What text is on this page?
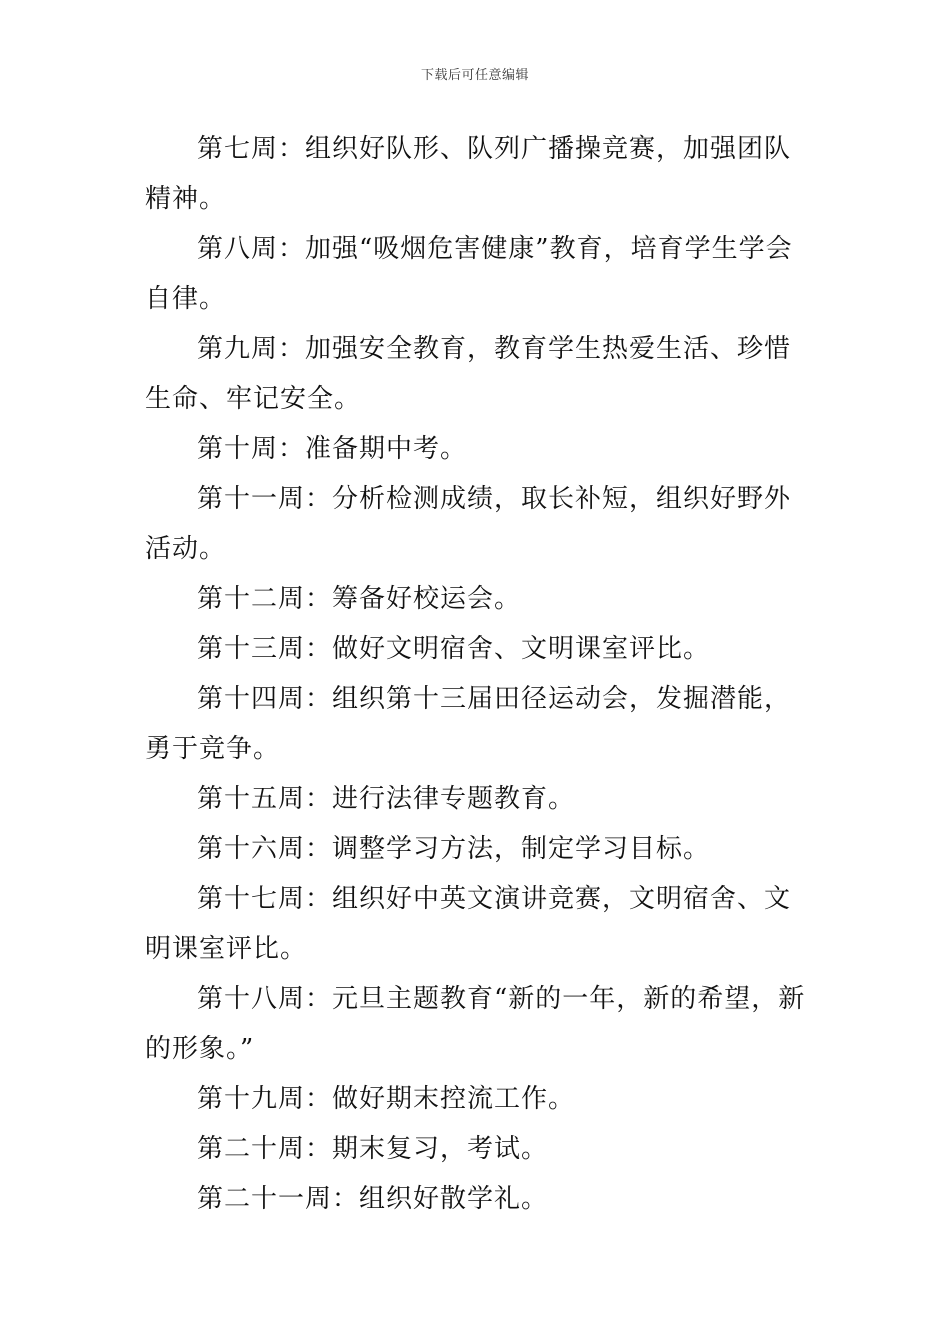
下载后可任意编辑

第七周：组织好队形、队列广播操竞赛，加强团队精神。

第八周：加强“吸烟危害健康”教育，培育学生学会自律。

第九周：加强安全教育，教育学生热爱生活、珍惜生命、牢记安全。

第十周：准备期中考。

第十一周：分析检测成绩，取长补短，组织好野外活动。

第十二周：筹备好校运会。

第十三周：做好文明宿舍、文明课室评比。

第十四周：组织第十三届田径运动会，发掘潜能，勇于竞争。

第十五周：进行法律专题教育。

第十六周：调整学习方法，制定学习目标。

第十七周：组织好中英文演讲竞赛，文明宿舍、文明课室评比。

第十八周：元旦主题教育“新的一年，新的希望，新的形象。”

第十九周：做好期末控流工作。

第二十周：期末复习，考试。

第二十一周：组织好散学礼。
